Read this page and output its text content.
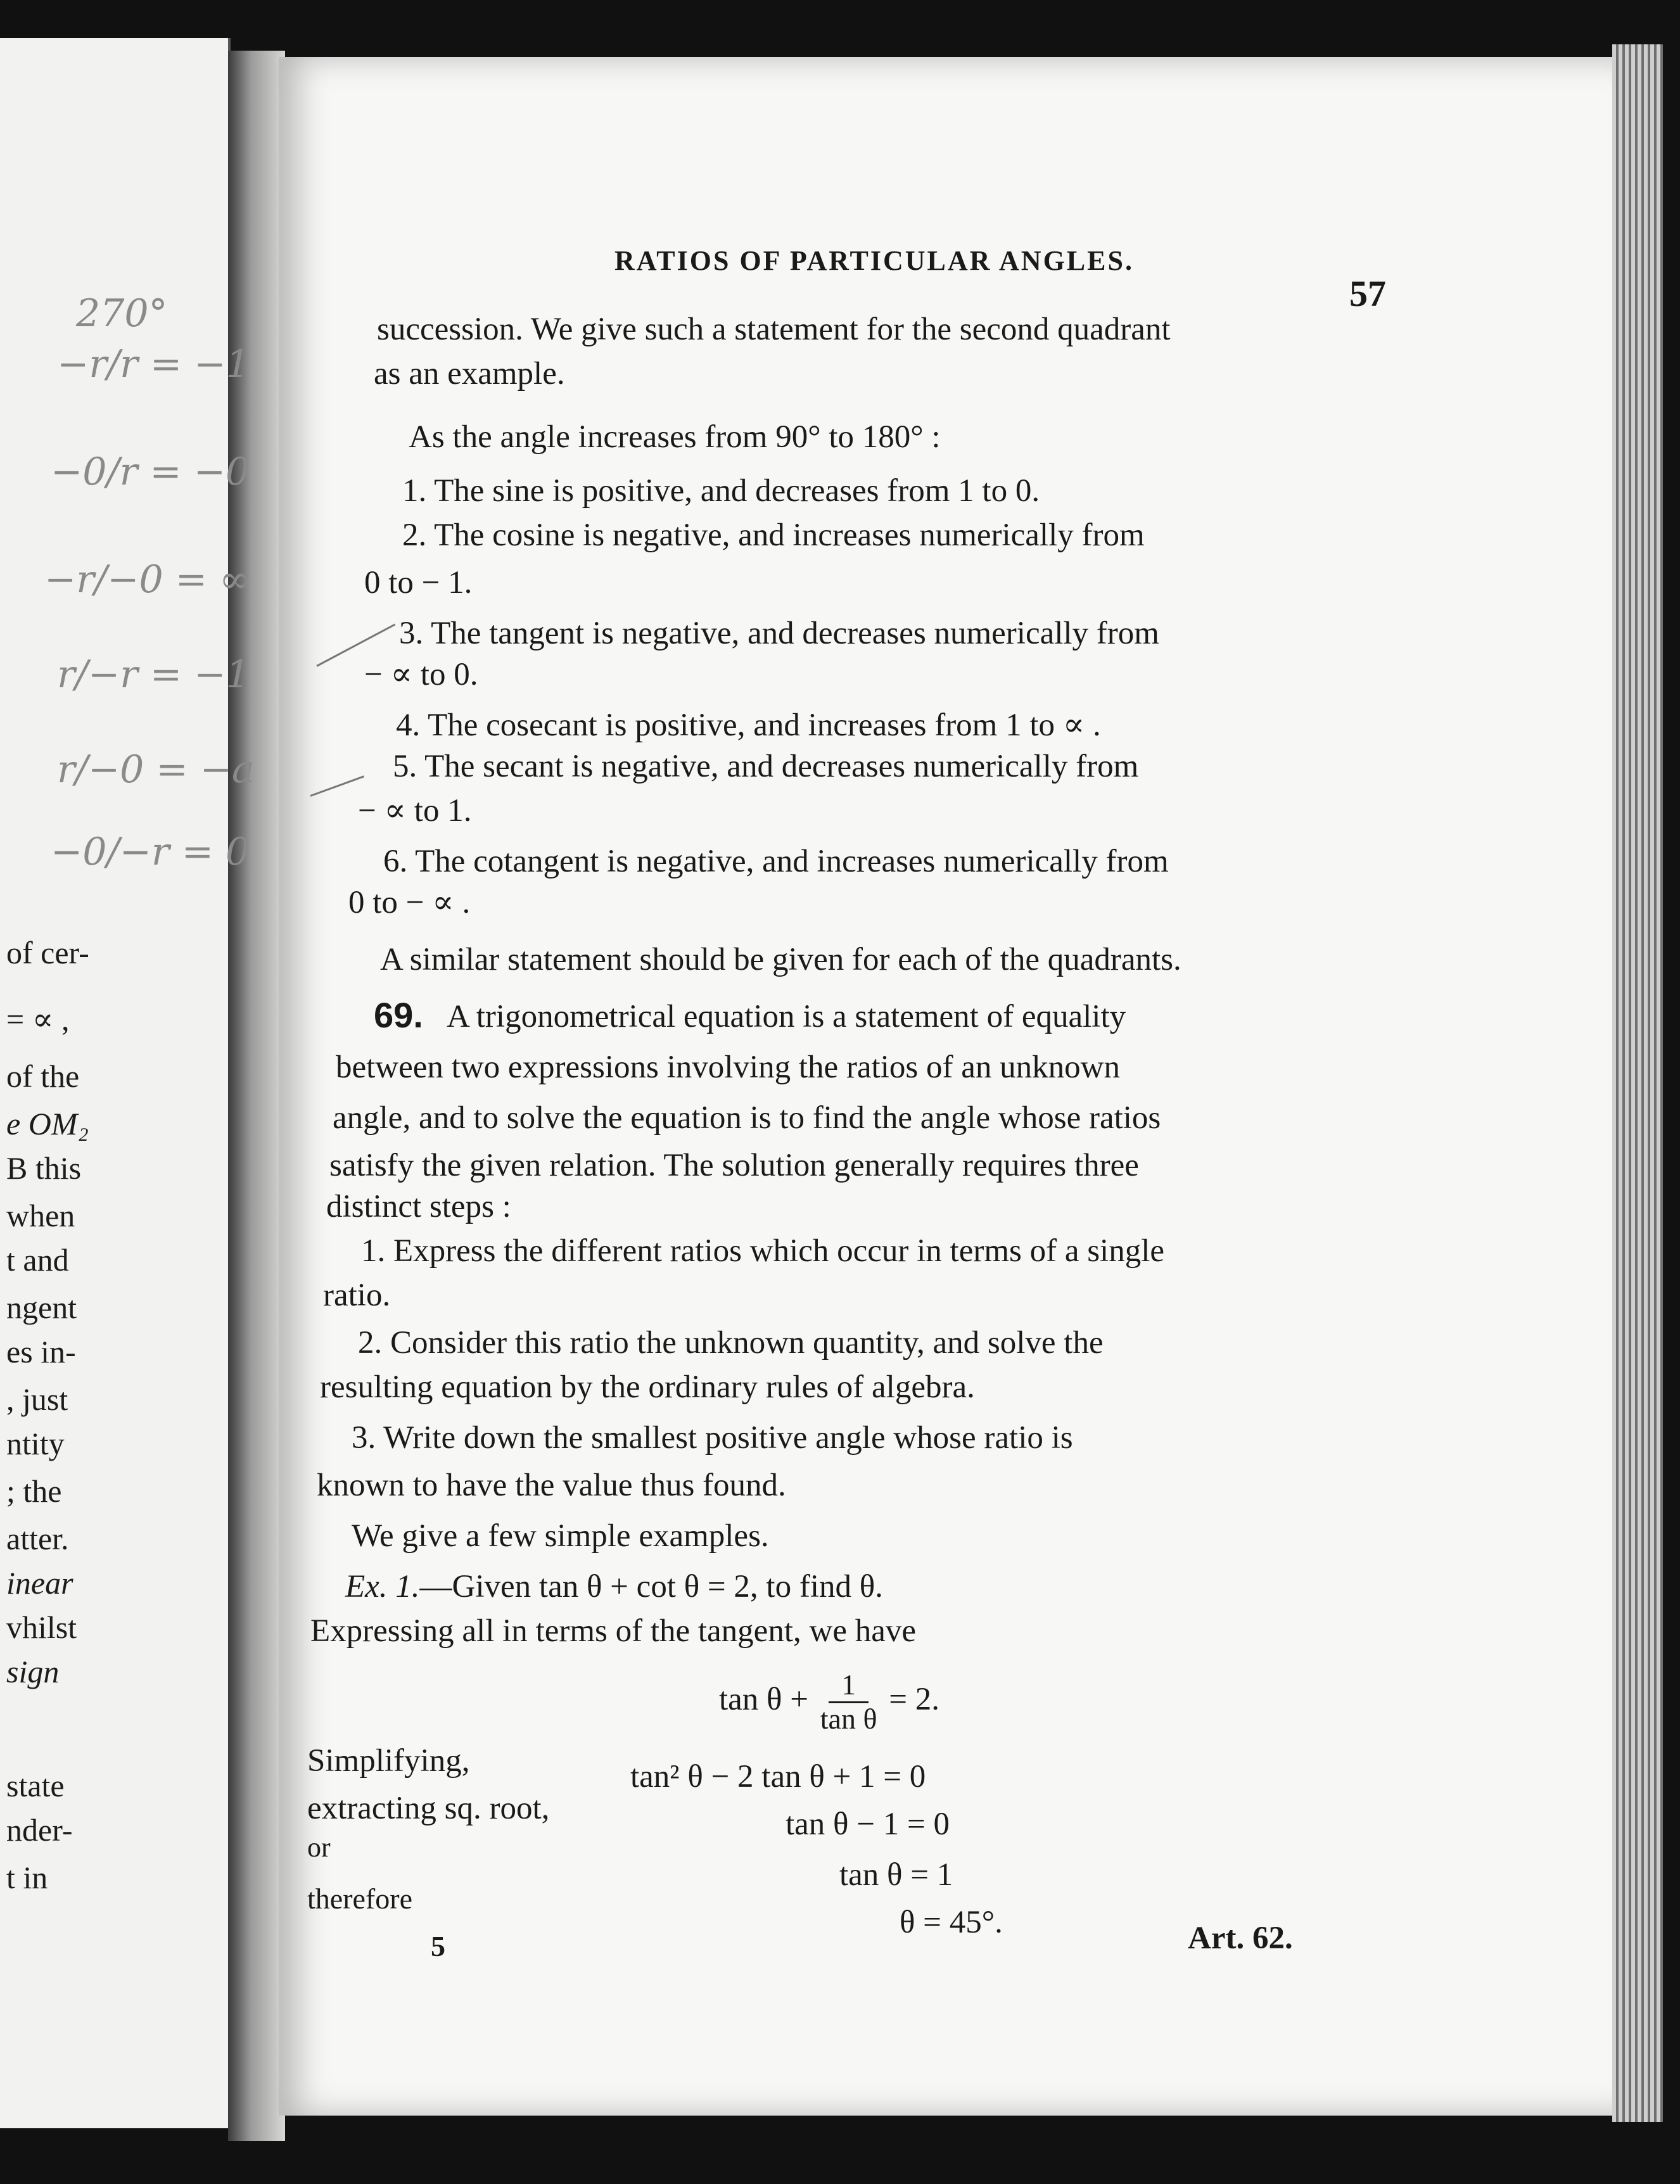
270°
−r/r = −1
−0/r = −0
−r/−0 = ∞
r/−r = −1
r/−0 = −a
−0/−r = 0
of cer-
= ∝ ,
of the
e OM₂
B this
when
t and
ngent
es in-
, just
ntity
; the
atter.
inear
vhilst
sign
state
nder-
t in
RATIOS OF PARTICULAR ANGLES.
57
succession. We give such a statement for the second quadrant
as an example.
As the angle increases from 90° to 180° :
1. The sine is positive, and decreases from 1 to 0.
2. The cosine is negative, and increases numerically from
0 to − 1.
3. The tangent is negative, and decreases numerically from
− ∝ to 0.
4. The cosecant is positive, and increases from 1 to ∝ .
5. The secant is negative, and decreases numerically from
− ∝ to 1.
6. The cotangent is negative, and increases numerically from
0 to − ∝ .
A similar statement should be given for each of the quadrants.
69. A trigonometrical equation is a statement of equality
between two expressions involving the ratios of an unknown
angle, and to solve the equation is to find the angle whose ratios
satisfy the given relation. The solution generally requires three
distinct steps :
1. Express the different ratios which occur in terms of a single
ratio.
2. Consider this ratio the unknown quantity, and solve the
resulting equation by the ordinary rules of algebra.
3. Write down the smallest positive angle whose ratio is
known to have the value thus found.
We give a few simple examples.
Ex. 1.—Given tan θ + cot θ = 2, to find θ.
Expressing all in terms of the tangent, we have
$\tan \theta + \frac{1}{\text{tan θ}} = 2$.
Simplifying,	tan² θ − 2 tan θ + 1 = 0
extracting sq. root,	tan θ − 1 = 0
or
tan θ = 1
therefore
θ = 45°.
5	Art. 62.
